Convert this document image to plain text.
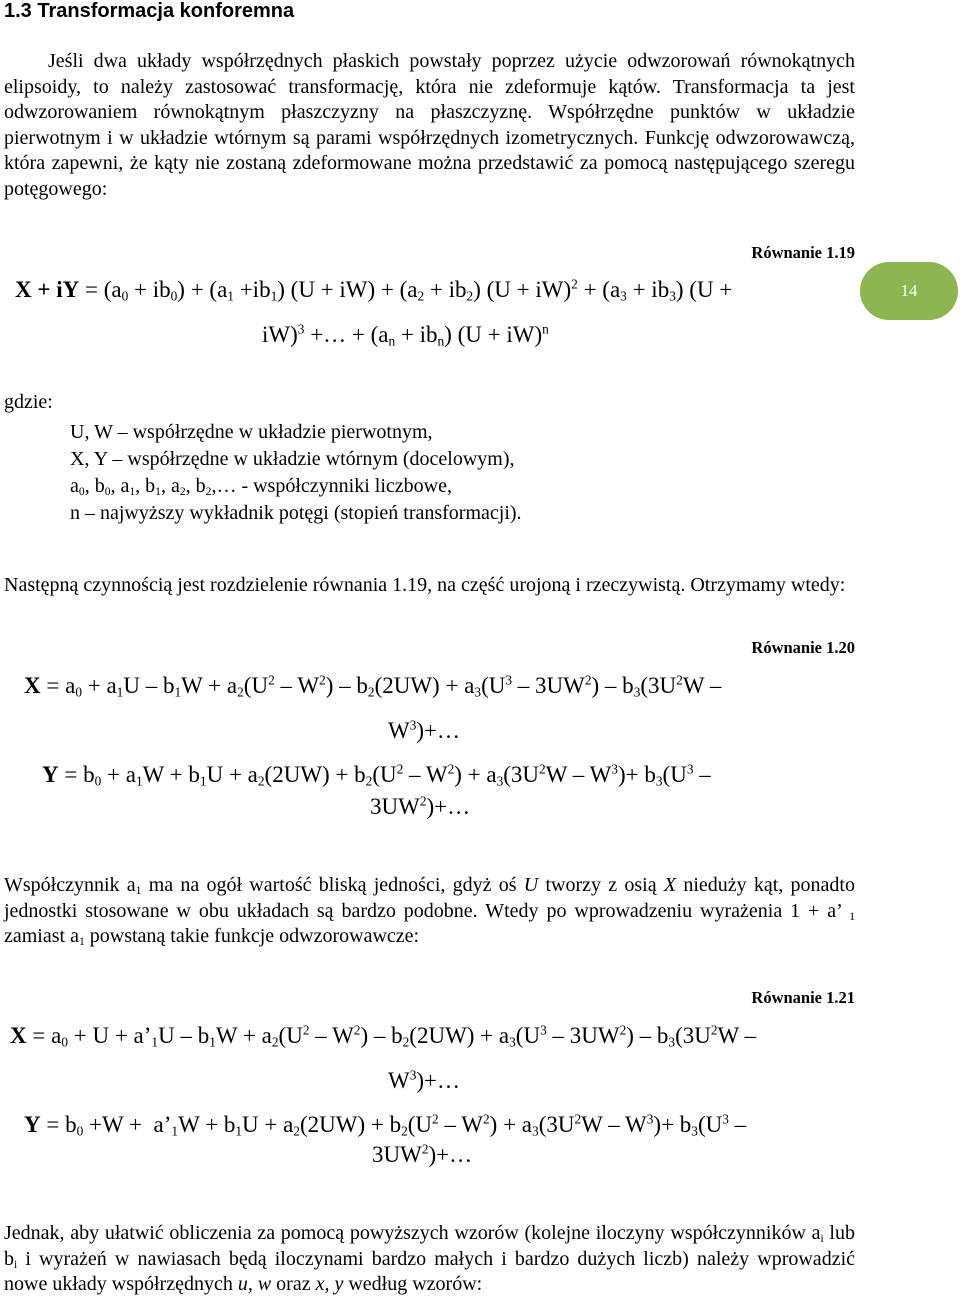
1.3 Transformacja konforemna
Jeśli dwa układy współrzędnych płaskich powstały poprzez użycie odwzorowań równokątnych elipsoidy, to należy zastosować transformację, która nie zdeformuje kątów. Transformacja ta jest odwzorowaniem równokątnym płaszczyzny na płaszczyznę. Współrzędne punktów w układzie pierwotnym i w układzie wtórnym są parami współrzędnych izometrycznych. Funkcję odwzorowawczą, która zapewni, że kąty nie zostaną zdeformowane można przedstawić za pomocą następującego szeregu potęgowego:
Równanie 1.19
X + iY = $(a_0 + ib_0) + (a_1 +ib_1) (U + iW) + (a_2 + ib_2) (U + iW)^2 + (a_3 + ib_3) (U$ +
iW)$^3$ +… + $(a_n + ib_n) (U + iW)^n$
14
gdzie:
U, W – współrzędne w układzie pierwotnym,
X, Y – współrzędne w układzie wtórnym (docelowym),
$a_0$, $b_0$, $a_1$, $b_1$, $a_2$, $b_2,\dots$ - współczynniki liczbowe,
n – najwyższy wykładnik potęgi (stopień transformacji).
Następną czynnością jest rozdzielenie równania 1.19, na część urojoną i rzeczywistą. Otrzymamy wtedy:
Równanie 1.20
$X = a_0 + a_1U - b_1W + a_2(U^2 - W^2) - b_2(2UW) + a_3(U^3 - 3UW^2) - b_3(3U^2W$ –
$W^3)+\dots$
$Y = b_0 + a_1W + b_1U + a_2(2UW) + b_2(U^2 - W^2) + a_3(3U^2W - W^3)+ b_3(U^3$ –
$3UW^2)+\dots$
Współczynnik $a_1$ ma na ogół wartość bliską jedności, gdyż oś U tworzy z osią X nieduży kąt, ponadto jednostki stosowane w obu układach są bardzo podobne. Wtedy po wprowadzeniu wyrażenia 1 + a’ $_1$ zamiast $a_1$ powstaną takie funkcje odwzorowawcze:
Równanie 1.21
$X = a_0 + U$ + $a’_1U - b_1W + a_2(U^2 - W^2) - b_2(2UW) + a_3(U^3 - 3UW^2) - b_3(3U^2W$ –
$W^3)+\dots$
$Y = b_0 +W$ +  $a’_1W + b_1U + a_2(2UW) + b_2(U^2 - W^2) + a_3(3U^2W - W^3)+ b_3(U^3$ –
$3UW^2)+\dots$
Jednak, aby ułatwić obliczenia za pomocą powyższych wzorów (kolejne iloczyny współczynników $a_i$ lub $b_i$ i wyrażeń w nawiasach będą iloczynami bardzo małych i bardzo dużych liczb) należy wprowadzić nowe układy współrzędnych u, w oraz x, y według wzorów:
